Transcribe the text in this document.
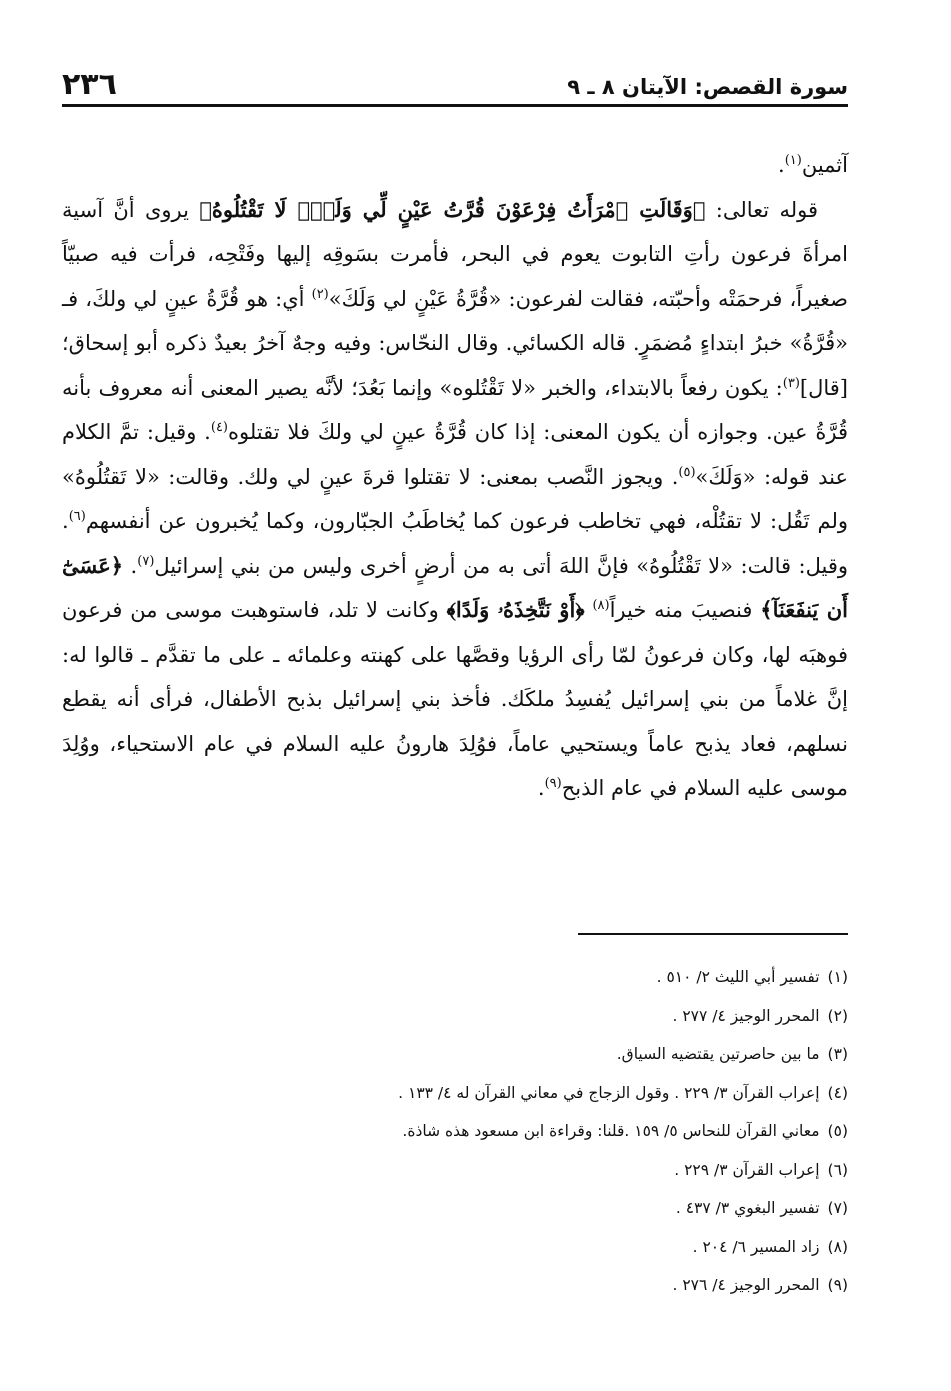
سورة القصص: الآيتان ٨ ـ ٩
٢٣٦

آثمين$^{(١)}$.

قوله تعالى: ﴿وَقَالَتِ ٱمْرَأَتُ فِرْعَوْنَ قُرَّتُ عَيْنٍ لِّي وَلَكَۖ لَا تَقْتُلُوهُ﴾ يروى أنَّ آسية امرأةَ فرعون رأتِ التابوت يعوم في البحر، فأمرت بسَوقِه إليها وفَتْحِه، فرأت فيه صبيّاً صغيراً، فرحمَتْه وأحبّته، فقالت لفرعون: «قُرَّةُ عَيْنٍ لي وَلَكَ»$^{(٢)}$ أي: هو قُرَّةُ عينٍ لي ولكَ، فـ «قُرَّةُ» خبرُ ابتداءٍ مُضمَرٍ. قاله الكسائي. وقال النحّاس: وفيه وجهٌ آخرُ بعيدٌ ذكره أبو إسحاق؛ [قال]$^{(٣)}$: يكون رفعاً بالابتداء، والخبر «لا تَقْتُلوه» وإنما بَعُدَ؛ لأنَّه يصير المعنى أنه معروف بأنه قُرَّةُ عين. وجوازه أن يكون المعنى: إذا كان قُرَّةُ عينٍ لي ولكَ فلا تقتلوه$^{(٤)}$. وقيل: تمَّ الكلام عند قوله: «وَلَكَ»$^{(٥)}$. ويجوز النَّصب بمعنى: لا تقتلوا قرةَ عينٍ لي ولك. وقالت: «لا تَقتُلُوهُ» ولم تَقُل: لا تقتُلْه، فهي تخاطب فرعون كما يُخاطَبُ الجبّارون، وكما يُخبرون عن أنفسهم$^{(٦)}$. وقيل: قالت: «لا تَقْتُلُوهُ» فإنَّ اللهَ أتى به من أرضٍ أخرى وليس من بني إسرائيل$^{(٧)}$. ﴿عَسَىٰٓ أَن يَنفَعَنَآ﴾ فنصيبَ منه خيراً$^{(٨)}$ ﴿أَوْ نَتَّخِذَهُۥ وَلَدًا﴾ وكانت لا تلد، فاستوهبت موسى من فرعون فوهبَه لها، وكان فرعونُ لمّا رأى الرؤيا وقصَّها على كهنته وعلمائه ـ على ما تقدَّم ـ قالوا له: إنَّ غلاماً من بني إسرائيل يُفسِدُ ملكَك. فأخذ بني إسرائيل بذبح الأطفال، فرأى أنه يقطع نسلهم، فعاد يذبح عاماً ويستحيي عاماً، فوُلِدَ هارونُ عليه السلام في عام الاستحياء، ووُلِدَ موسى عليه السلام في عام الذبح$^{(٩)}$.

(١)تفسير أبي الليث ٢/ ٥١٠ .
(٢)المحرر الوجيز ٤/ ٢٧٧ .
(٣)ما بين حاصرتين يقتضيه السياق.
(٤)إعراب القرآن ٣/ ٢٢٩ . وقول الزجاج في معاني القرآن له ٤/ ١٣٣ .
(٥)معاني القرآن للنحاس ٥/ ١٥٩ .قلنا: وقراءة ابن مسعود هذه شاذة.
(٦)إعراب القرآن ٣/ ٢٢٩ .
(٧)تفسير البغوي ٣/ ٤٣٧ .
(٨)زاد المسير ٦/ ٢٠٤ .
(٩)المحرر الوجيز ٤/ ٢٧٦ .
